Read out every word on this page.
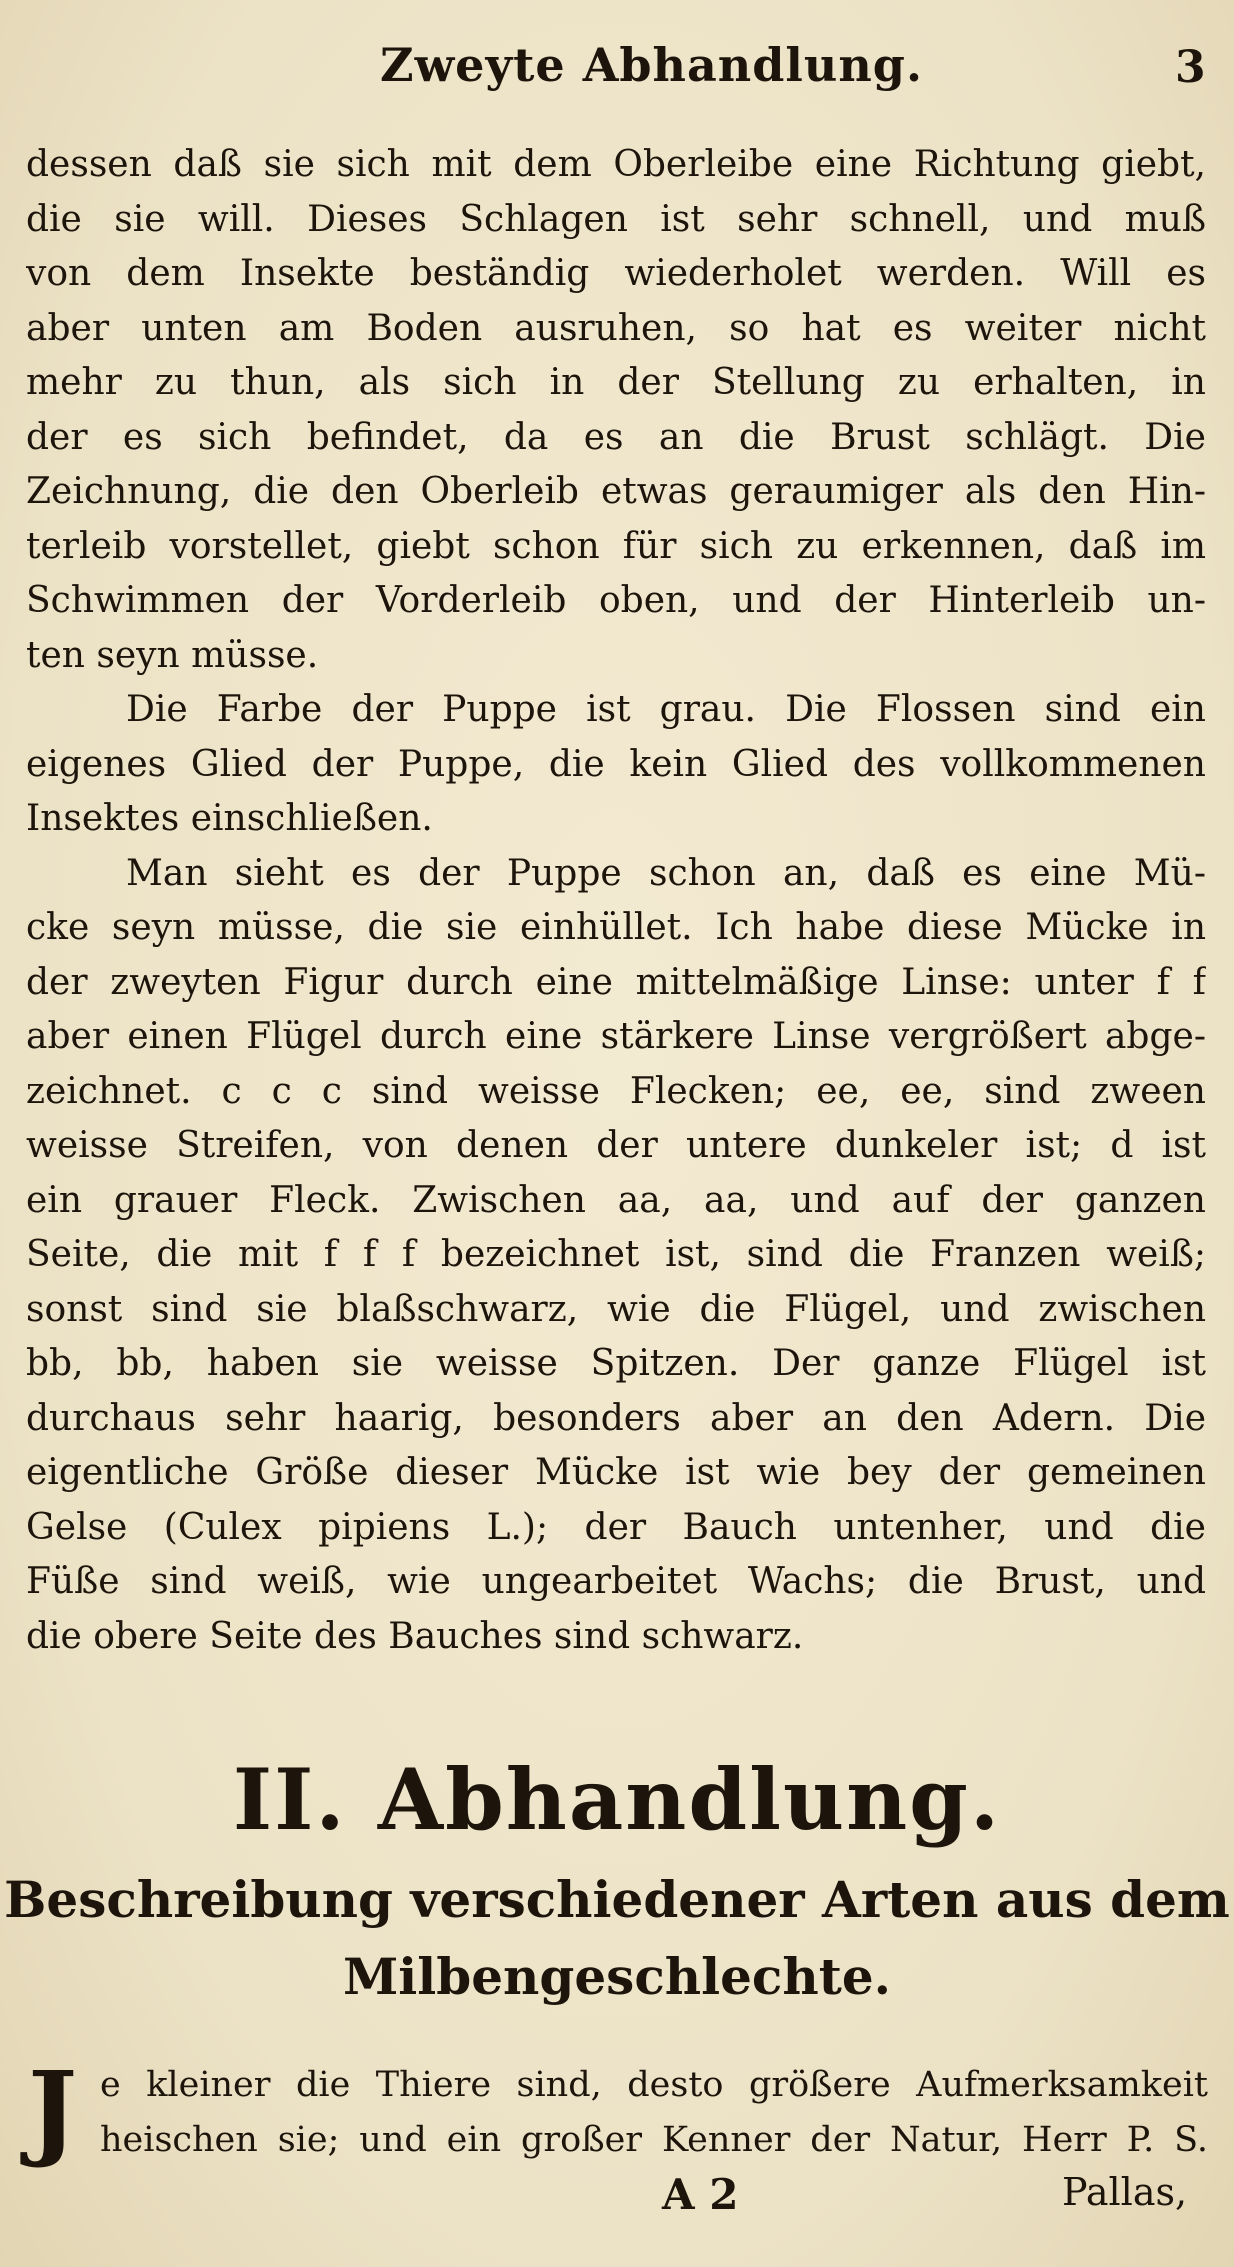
Zweyte Abhandlung.	3
dessen daß sie sich mit dem Oberleibe eine Richtung giebt,
die sie will. Dieses Schlagen ist sehr schnell, und muß
von dem Insekte beständig wiederholet werden. Will es
aber unten am Boden ausruhen, so hat es weiter nicht
mehr zu thun, als sich in der Stellung zu erhalten, in
der es sich befindet, da es an die Brust schlägt. Die
Zeichnung, die den Oberleib etwas geraumiger als den Hin-
terleib vorstellet, giebt schon für sich zu erkennen, daß im
Schwimmen der Vorderleib oben, und der Hinterleib un-
ten seyn müsse.
Die Farbe der Puppe ist grau. Die Flossen sind ein
eigenes Glied der Puppe, die kein Glied des vollkommenen
Insektes einschließen.
Man sieht es der Puppe schon an, daß es eine Mü-
cke seyn müsse, die sie einhüllet. Ich habe diese Mücke in
der zweyten Figur durch eine mittelmäßige Linse: unter f f
aber einen Flügel durch eine stärkere Linse vergrößert abge-
zeichnet. c c c sind weisse Flecken; ee, ee, sind zween
weisse Streifen, von denen der untere dunkeler ist; d ist
ein grauer Fleck. Zwischen aa, aa, und auf der ganzen
Seite, die mit f f f bezeichnet ist, sind die Franzen weiß;
sonst sind sie blaßschwarz, wie die Flügel, und zwischen
bb, bb, haben sie weisse Spitzen. Der ganze Flügel ist
durchaus sehr haarig, besonders aber an den Adern. Die
eigentliche Größe dieser Mücke ist wie bey der gemeinen
Gelse (Culex pipiens L.); der Bauch untenher, und die
Füße sind weiß, wie ungearbeitet Wachs; die Brust, und
die obere Seite des Bauches sind schwarz.
II. Abhandlung.
Beschreibung verschiedener Arten aus dem
Milbengeschlechte.
J e kleiner die Thiere sind, desto größere Aufmerksamkeit
heischen sie; und ein großer Kenner der Natur, Herr P. S.
A 2	Pallas,
